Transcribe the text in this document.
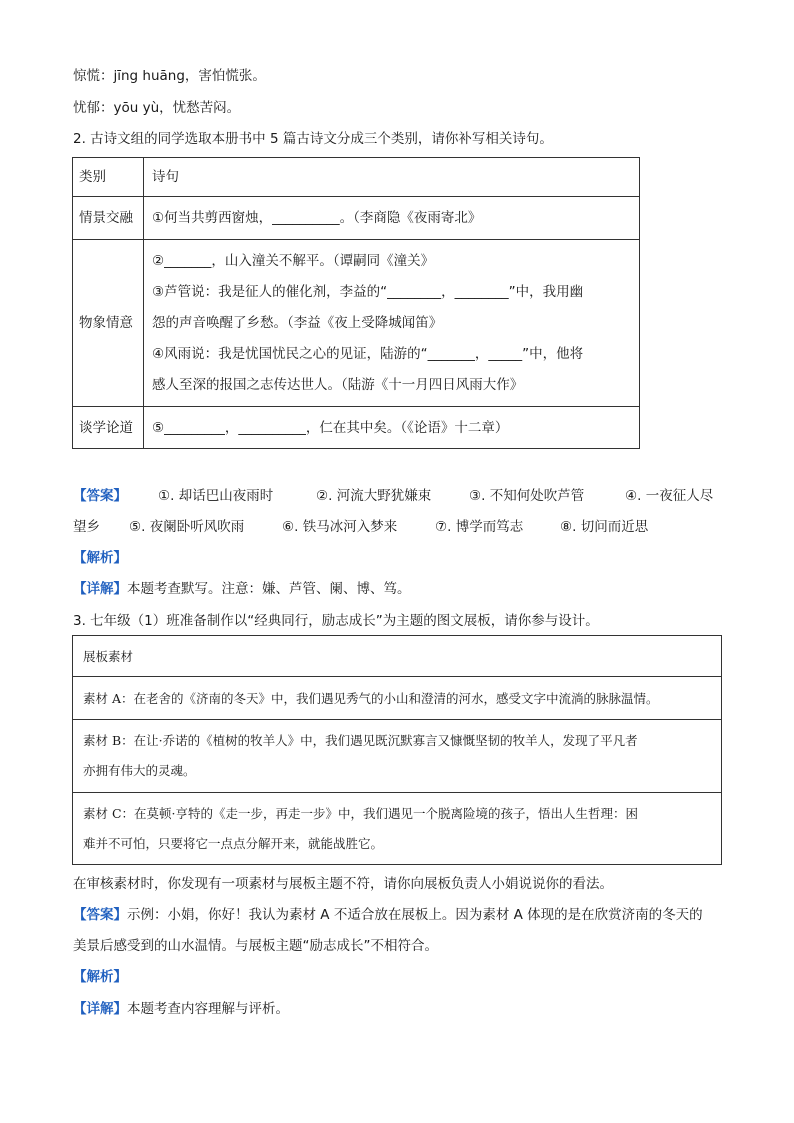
惊慌：jīng huāng，害怕慌张。
忧郁：yōu yù，忧愁苦闷。
2. 古诗文组的同学选取本册书中 5 篇古诗文分成三个类别，请你补写相关诗句。
类别	诗句
情景交融	①何当共剪西窗烛，__________。（李商隐《夜雨寄北》
物象情意	②_______，山入潼关不解平。（谭嗣同《潼关》
③芦管说：我是征人的催化剂，李益的“________，________”中，我用幽
怨的声音唤醒了乡愁。（李益《夜上受降城闻笛》
④风雨说：我是忧国忧民之心的见证，陆游的“_______，_____”中，他将
感人至深的报国之志传达世人。（陆游《十一月四日风雨大作》

谈学论道	⑤_________，__________，仁在其中矣。（《论语》十二章）
【答案】 ①. 却话巴山夜雨时	②. 河流大野犹嫌束	③. 不知何处吹芦管	④. 一夜征人尽
望乡 ⑤. 夜阑卧听风吹雨	⑥. 铁马冰河入梦来	⑦. 博学而笃志	⑧. 切问而近思
【解析】
【详解】本题考查默写。注意：嫌、芦管、阑、博、笃。
3. 七年级（1）班准备制作以“经典同行，励志成长”为主题的图文展板，请你参与设计。
展板素材
素材 A：在老舍的《济南的冬天》中，我们遇见秀气的小山和澄清的河水，感受文字中流淌的脉脉温情。

素材 B：在让·乔诺的《植树的牧羊人》中，我们遇见既沉默寡言又慷慨坚韧的牧羊人，发现了平凡者
亦拥有伟大的灵魂。

素材 C：在莫顿·亨特的《走一步，再走一步》中，我们遇见一个脱离险境的孩子，悟出人生哲理：困
难并不可怕，只要将它一点点分解开来，就能战胜它。
在审核素材时，你发现有一项素材与展板主题不符，请你向展板负责人小娟说说你的看法。
【答案】示例：小娟，你好！我认为素材 A 不适合放在展板上。因为素材 A 体现的是在欣赏济南的冬天的
美景后感受到的山水温情。与展板主题“励志成长”不相符合。
【解析】
【详解】本题考查内容理解与评析。
